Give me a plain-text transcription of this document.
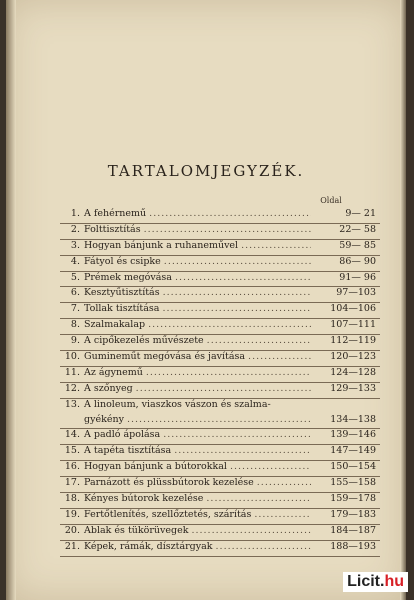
TARTALOMJEGYZÉK.
Oldal
1. A fehérnemű .....	9— 21
2. Folttisztítás .....	22— 58
3. Hogyan bánjunk a ruhaneművel .....	59— 85
4. Fátyol és csipke .....	86— 90
5. Prémek megóvása .....	91— 96
6. Kesztyűtisztítás .....	97—103
7. Tollak tisztítása .....	104—106
8. Szalmakalap .....	107—111
9. A cipőkezelés művészete .....	112—119
10. Gumineműt megóvása és javítása .....	120—123
11. Az ágynemű .....	124—128
12. A szőnyeg .....	129—133
13. A linoleum, viaszkos vászon és szalma-
gyékény .....	134—138
14. A padló ápolása .....	139—146
15. A tapéta tisztítása .....	147—149
16. Hogyan bánjunk a bútorokkal .....	150—154
17. Parnázott és plüssbútorok kezelése .....	155—158
18. Kényes bútorok kezelése .....	159—178
19. Fertőtlenítés, szellőztetés, szárítás .....	179—183
20. Ablak és tükörüvegek .....	184—187
21. Képek, rámák, dísztárgyak .....	188—193
Licit.hu
